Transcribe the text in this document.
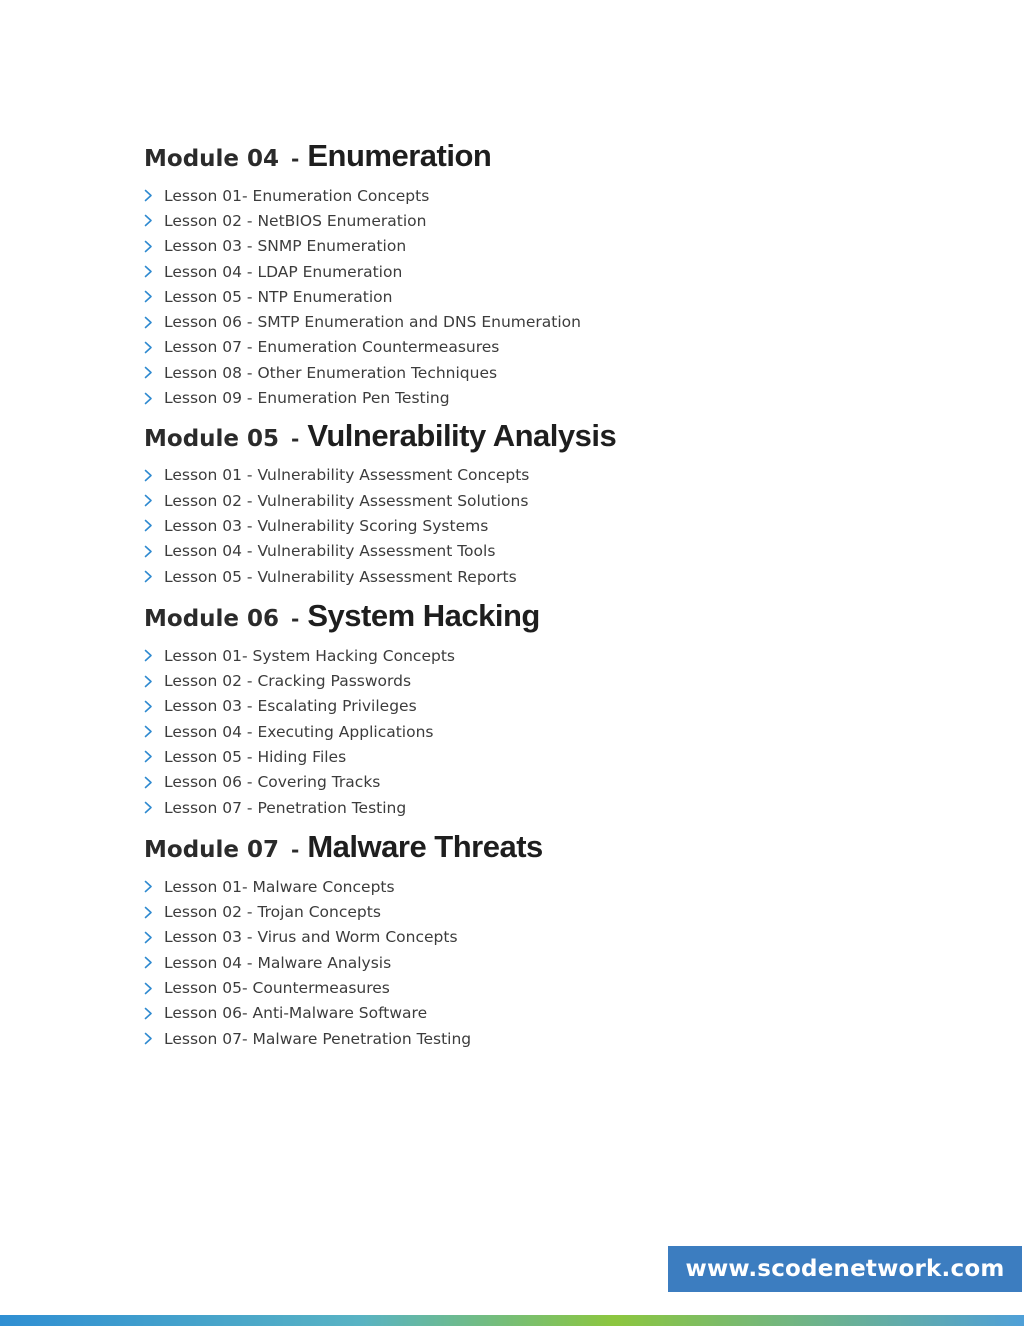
Module 04 - Enumeration
Lesson 01- Enumeration Concepts
Lesson 02 - NetBIOS Enumeration
Lesson 03 - SNMP Enumeration
Lesson 04 - LDAP Enumeration
Lesson 05 - NTP Enumeration
Lesson 06 - SMTP Enumeration and DNS Enumeration
Lesson 07 - Enumeration Countermeasures
Lesson 08 - Other Enumeration Techniques
Lesson 09 - Enumeration Pen Testing
Module 05 - Vulnerability Analysis
Lesson 01 - Vulnerability Assessment Concepts
Lesson 02 - Vulnerability Assessment Solutions
Lesson 03 - Vulnerability Scoring Systems
Lesson 04 - Vulnerability Assessment Tools
Lesson 05 - Vulnerability Assessment Reports
Module 06 - System Hacking
Lesson 01- System Hacking Concepts
Lesson 02 - Cracking Passwords
Lesson 03 - Escalating Privileges
Lesson 04 - Executing Applications
Lesson 05 - Hiding Files
Lesson 06 - Covering Tracks
Lesson 07 - Penetration Testing
Module 07 - Malware Threats
Lesson 01- Malware Concepts
Lesson 02 - Trojan Concepts
Lesson 03 - Virus and Worm Concepts
Lesson 04 - Malware Analysis
Lesson 05- Countermeasures
Lesson 06- Anti-Malware Software
Lesson 07- Malware Penetration Testing
www.scodenetwork.com
